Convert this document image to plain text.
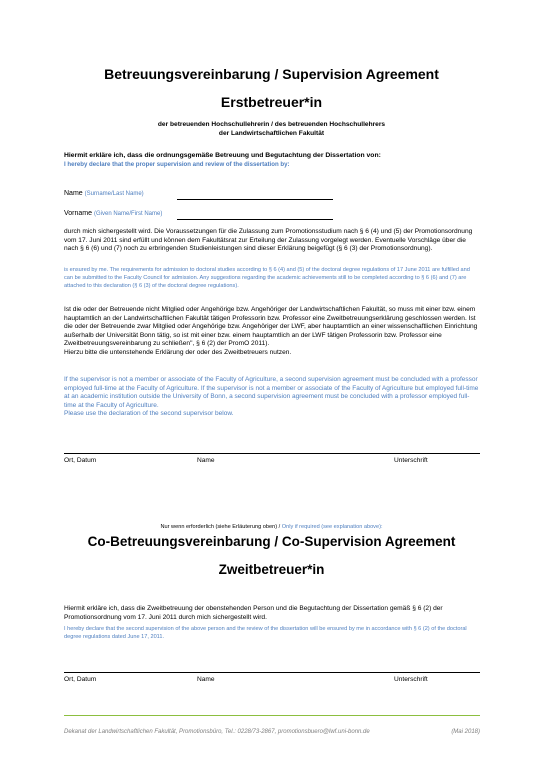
Betreuungsvereinbarung / Supervision Agreement
Erstbetreuer*in
der betreuenden Hochschullehrerin / des betreuenden Hochschullehrers
der Landwirtschaftlichen Fakultät
Hiermit erkläre ich, dass die ordnungsgemäße Betreuung und Begutachtung der Dissertation von:
I hereby declare that the proper supervision and review of the dissertation by:
Name (Surname/Last Name)
Vorname (Given Name/First Name)
durch mich sichergestellt wird. Die Voraussetzungen für die Zulassung zum Promotionsstudium nach § 6 (4) und (5) der Promotionsordnung vom 17. Juni 2011 sind erfüllt und können dem Fakultätsrat zur Erteilung der Zulassung vorgelegt werden. Eventuelle Vorschläge über die nach § 6 (6) und (7) noch zu erbringenden Studienleistungen sind dieser Erklärung beigefügt (§ 6 (3) der Promotionsordnung).
is ensured by me. The requirements for admission to doctoral studies according to § 6 (4) and (5) of the doctoral degree regulations of 17 June 2011 are fulfilled and can be submitted to the Faculty Council for admission. Any suggestions regarding the academic achievements still to be completed according to § 6 (6) and (7) are attached to this declaration (§ 6 (3) of the doctoral degree regulations).
Ist die oder der Betreuende nicht Mitglied oder Angehörige bzw. Angehöriger der Landwirtschaftlichen Fakultät, so muss mit einer bzw. einem hauptamtlich an der Landwirtschaftlichen Fakultät tätigen Professorin bzw. Professor eine Zweitbetreuungserklärung geschlossen werden. Ist die oder der Betreuende zwar Mitglied oder Angehörige bzw. Angehöriger der LWF, aber hauptamtlich an einer wissenschaftlichen Einrichtung außerhalb der Universität Bonn tätig, so ist mit einer bzw. einem hauptamtlich an der LWF tätigen Professorin bzw. Professor eine Zweitbetreuungsvereinbarung zu schließen", § 6 (2) der PromO 2011).
Hierzu bitte die untenstehende Erklärung der oder des Zweitbetreuers nutzen.
If the supervisor is not a member or associate of the Faculty of Agriculture, a second supervision agreement must be concluded with a professor employed full-time at the Faculty of Agriculture. If the supervisor is not a member or associate of the Faculty of Agriculture but employed full-time at an academic institution outside the University of Bonn, a second supervision agreement must be concluded with a professor employed full-time at the Faculty of Agriculture.
Please use the declaration of the second supervisor below.
Ort, Datum	Name	Unterschrift
Nur wenn erforderlich (siehe Erläuterung oben) / Only if required (see explanation above):
Co-Betreuungsvereinbarung / Co-Supervision Agreement
Zweitbetreuer*in
Hiermit erkläre ich, dass die Zweitbetreuung der obenstehenden Person und die Begutachtung der Dissertation gemäß § 6 (2) der Promotionsordnung vom 17. Juni 2011 durch mich sichergestellt wird.
I hereby declare that the second supervision of the above person and the review of the dissertation will be ensured by me in accordance with § 6 (2) of the doctoral degree regulations dated June 17, 2011.
Ort, Datum	Name	Unterschrift
Dekanat der Landwirtschaftlichen Fakultät, Promotionsbüro, Tel.: 0228/73-2867, promotionsbuero@lwf.uni-bonn.de	(Mai 2018)
